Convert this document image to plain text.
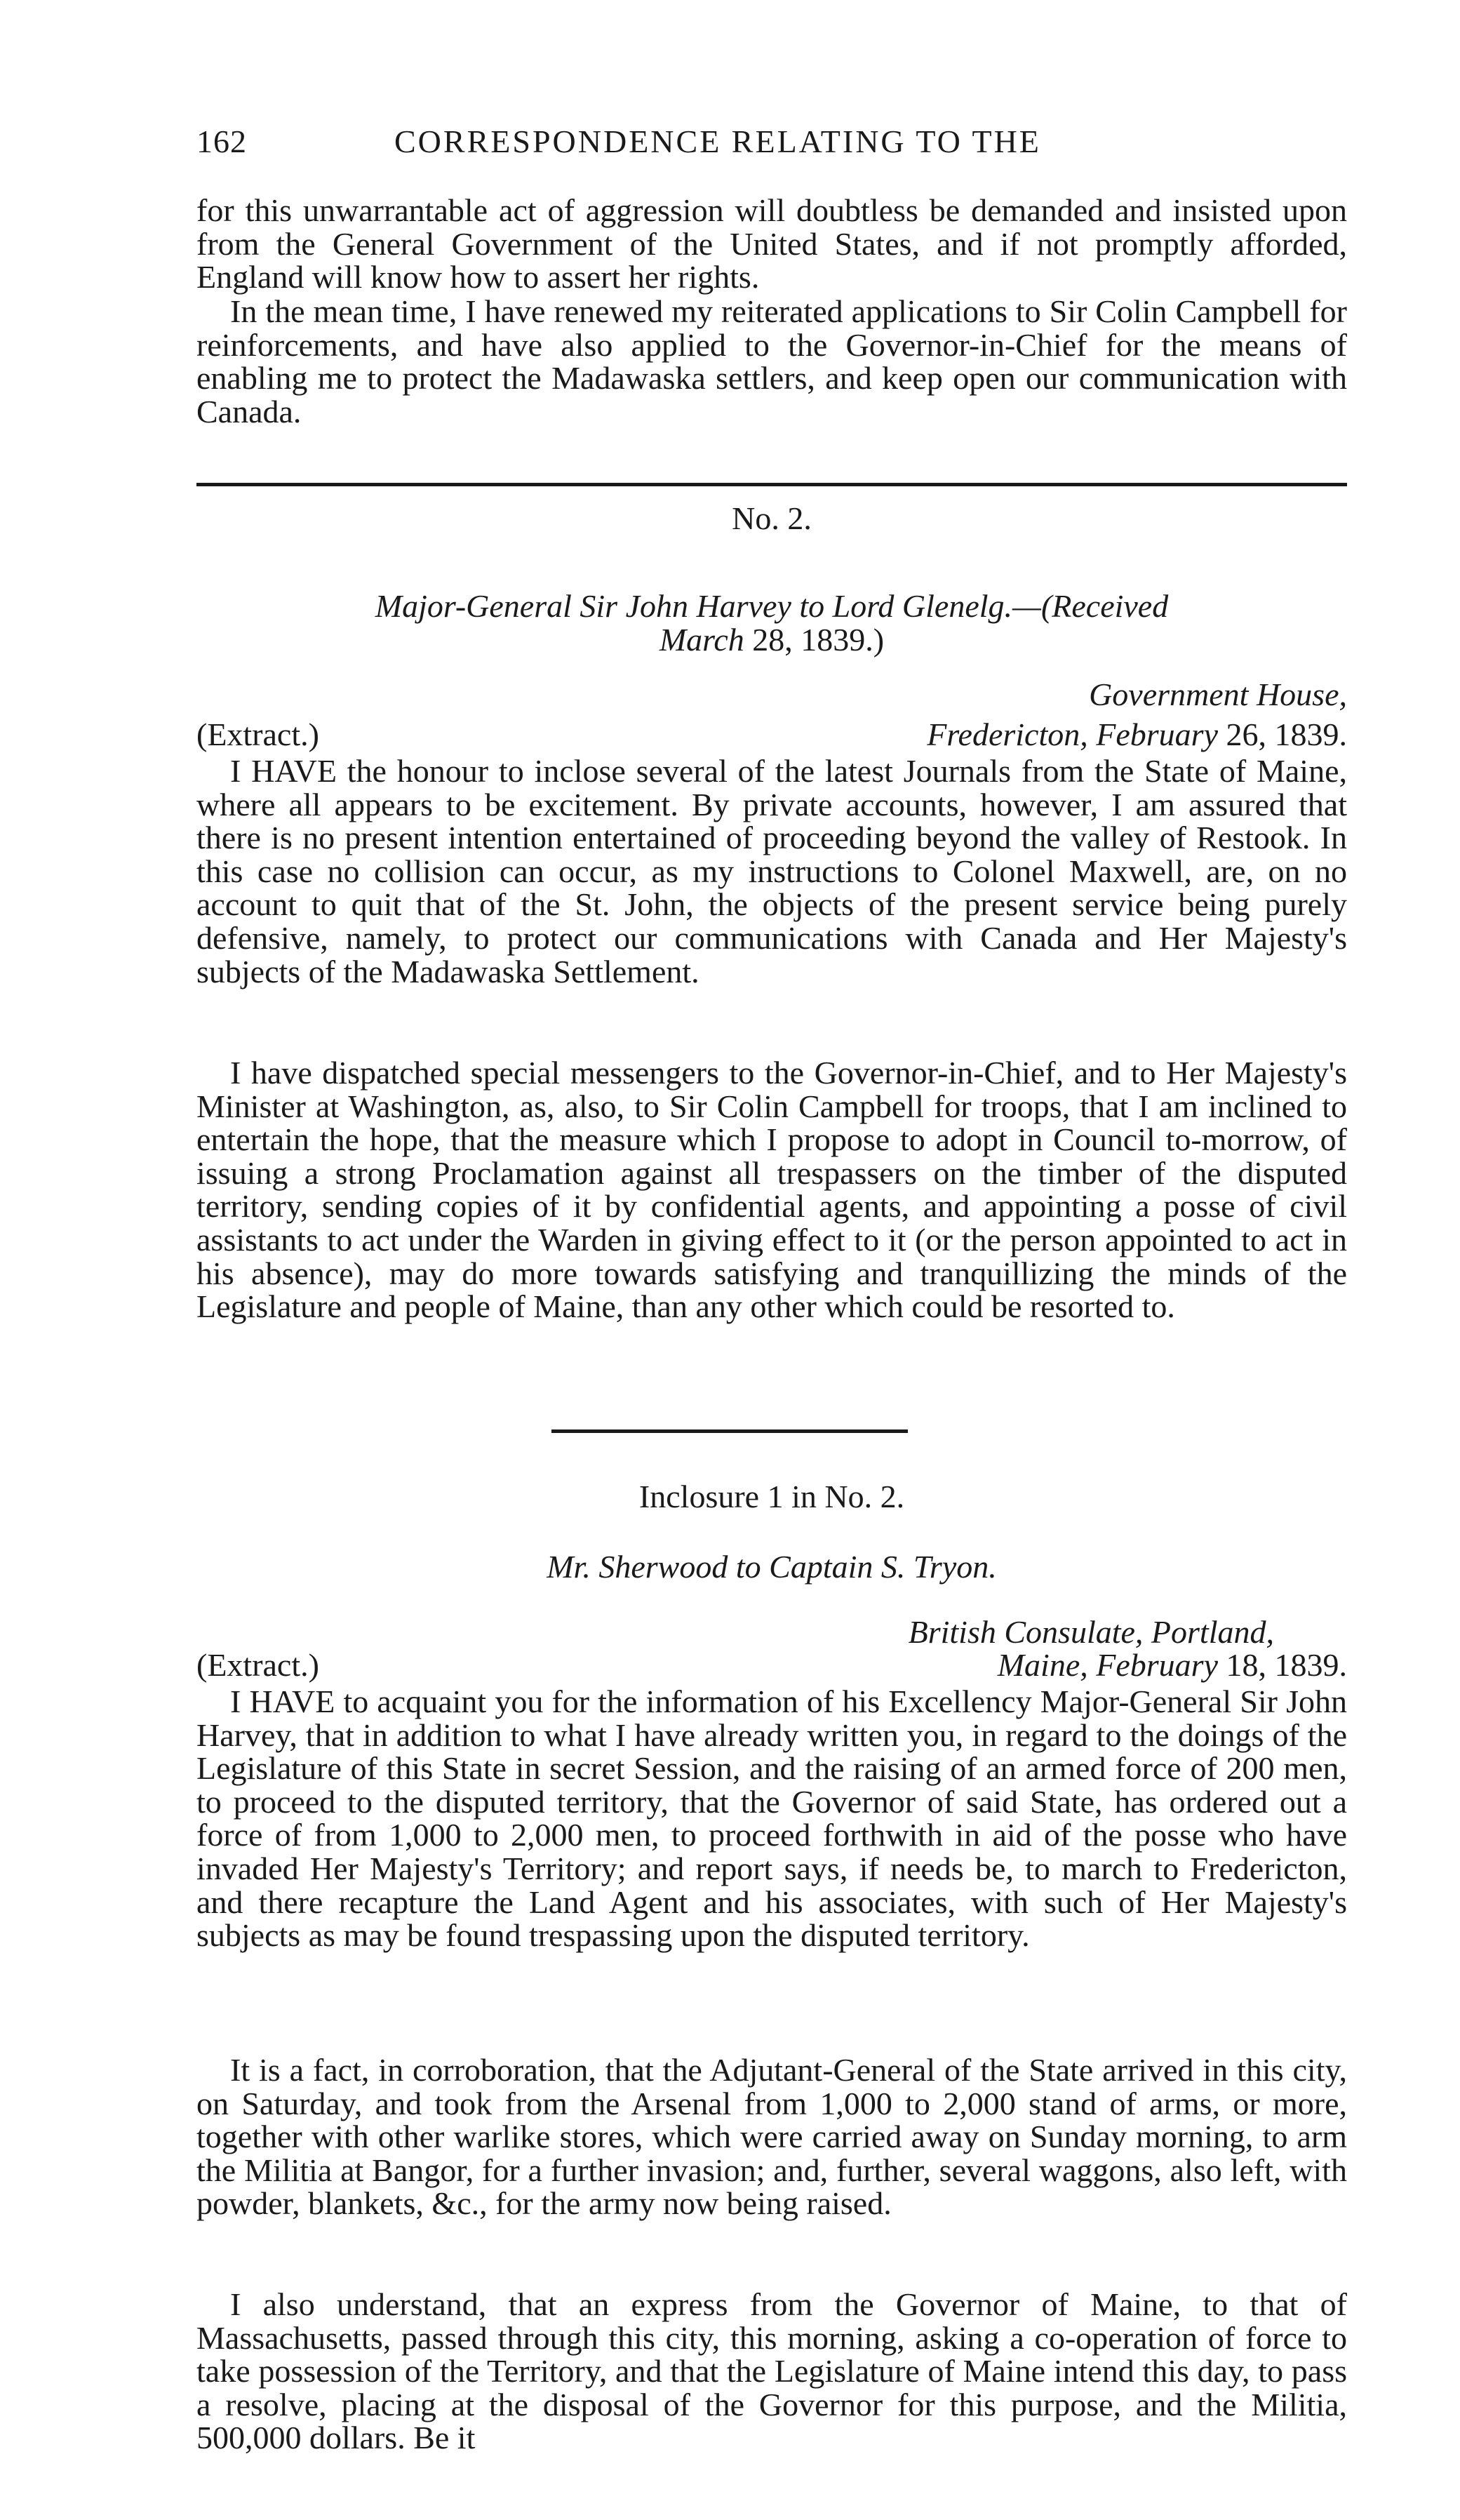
162	CORRESPONDENCE RELATING TO THE

for this unwarrantable act of aggression will doubtless be demanded and insisted upon from the General Government of the United States, and if not promptly afforded, England will know how to assert her rights.

In the mean time, I have renewed my reiterated applications to Sir Colin Campbell for reinforcements, and have also applied to the Governor-in-Chief for the means of enabling me to protect the Madawaska settlers, and keep open our communication with Canada.

No. 2.

Major-General Sir John Harvey to Lord Glenelg.—(Received

March 28, 1839.)

Government House,

(Extract.)	Fredericton, February 26, 1839.

I HAVE the honour to inclose several of the latest Journals from the State of Maine, where all appears to be excitement. By private accounts, however, I am assured that there is no present intention entertained of proceeding beyond the valley of Restook. In this case no collision can occur, as my instructions to Colonel Maxwell, are, on no account to quit that of the St. John, the objects of the present service being purely defensive, namely, to protect our communications with Canada and Her Majesty's subjects of the Madawaska Settlement.

I have dispatched special messengers to the Governor-in-Chief, and to Her Majesty's Minister at Washington, as, also, to Sir Colin Campbell for troops, that I am inclined to entertain the hope, that the measure which I propose to adopt in Council to-morrow, of issuing a strong Proclamation against all trespassers on the timber of the disputed territory, sending copies of it by confidential agents, and appointing a posse of civil assistants to act under the Warden in giving effect to it (or the person appointed to act in his absence), may do more towards satisfying and tranquillizing the minds of the Legislature and people of Maine, than any other which could be resorted to.

Inclosure 1 in No. 2.

Mr. Sherwood to Captain S. Tryon.

British Consulate, Portland,

(Extract.)	Maine, February 18, 1839.

I HAVE to acquaint you for the information of his Excellency Major-General Sir John Harvey, that in addition to what I have already written you, in regard to the doings of the Legislature of this State in secret Session, and the raising of an armed force of 200 men, to proceed to the disputed territory, that the Governor of said State, has ordered out a force of from 1,000 to 2,000 men, to proceed forthwith in aid of the posse who have invaded Her Majesty's Territory; and report says, if needs be, to march to Fredericton, and there recapture the Land Agent and his associates, with such of Her Majesty's subjects as may be found trespassing upon the disputed territory.

It is a fact, in corroboration, that the Adjutant-General of the State arrived in this city, on Saturday, and took from the Arsenal from 1,000 to 2,000 stand of arms, or more, together with other warlike stores, which were carried away on Sunday morning, to arm the Militia at Bangor, for a further invasion; and, further, several waggons, also left, with powder, blankets, &c., for the army now being raised.

I also understand, that an express from the Governor of Maine, to that of Massachusetts, passed through this city, this morning, asking a co-operation of force to take possession of the Territory, and that the Legislature of Maine intend this day, to pass a resolve, placing at the disposal of the Governor for this purpose, and the Militia, 500,000 dollars. Be it
